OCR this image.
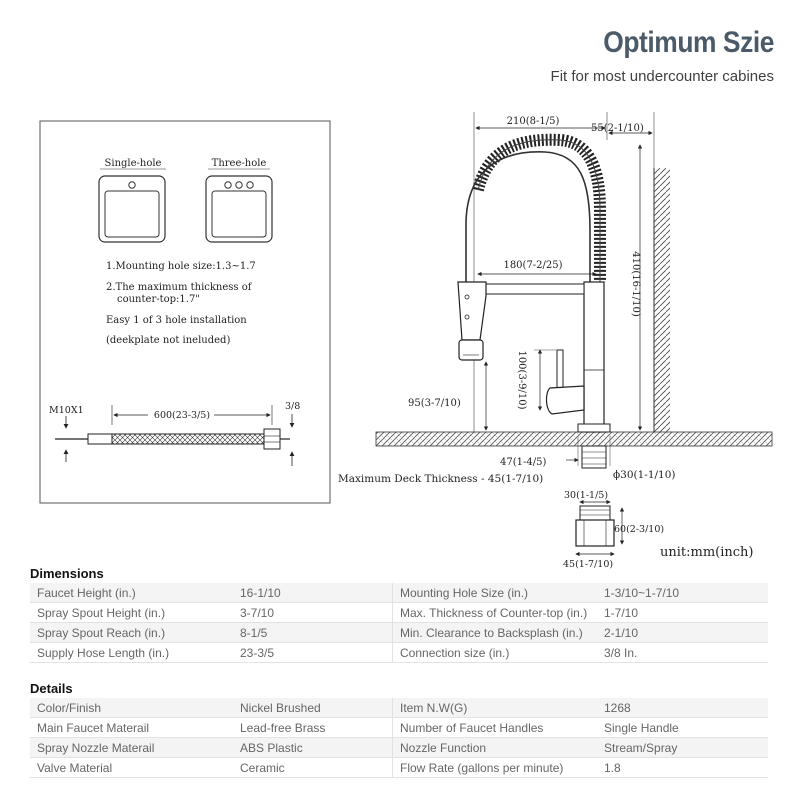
Optimum Szie
Fit for most undercounter cabines
Single-hole	Three-hole
1.Mounting hole size:1.3~1.7
2.The maximum thickness of
counter-top:1.7"
Easy 1 of 3 hole installation
(deekplate not ineluded)
M10X1	600(23-3/5)
3/8
210(8-1/5)
55(2-1/10)
410(16-1/10)
180(7-2/25)
100(3-9/10)
95(3-7/10)
47(1-4/5)
Maximum Deck Thickness - 45(1-7/10)	ϕ30(1-1/10)
30(1-1/5)
60(2-3/10)
45(1-7/10)
unit:mm(inch)
Dimensions
Faucet Height (in.)	16-1/10	Mounting Hole Size (in.)	1-3/10~1-7/10
Spray Spout Height (in.)	3-7/10	Max. Thickness of Counter-top (in.)	1-7/10
Spray Spout Reach (in.)	8-1/5	Min. Clearance to Backsplash (in.)	2-1/10
Supply Hose Length (in.)	23-3/5	Connection size (in.)	3/8 In.
Details
Color/Finish	Nickel Brushed	Item N.W(G)	1268
Main Faucet Materail	Lead-free Brass	Number of Faucet Handles	Single Handle
Spray Nozzle Materail	ABS Plastic	Nozzle Function	Stream/Spray
Valve Material	Ceramic	Flow Rate (gallons per minute)	1.8
